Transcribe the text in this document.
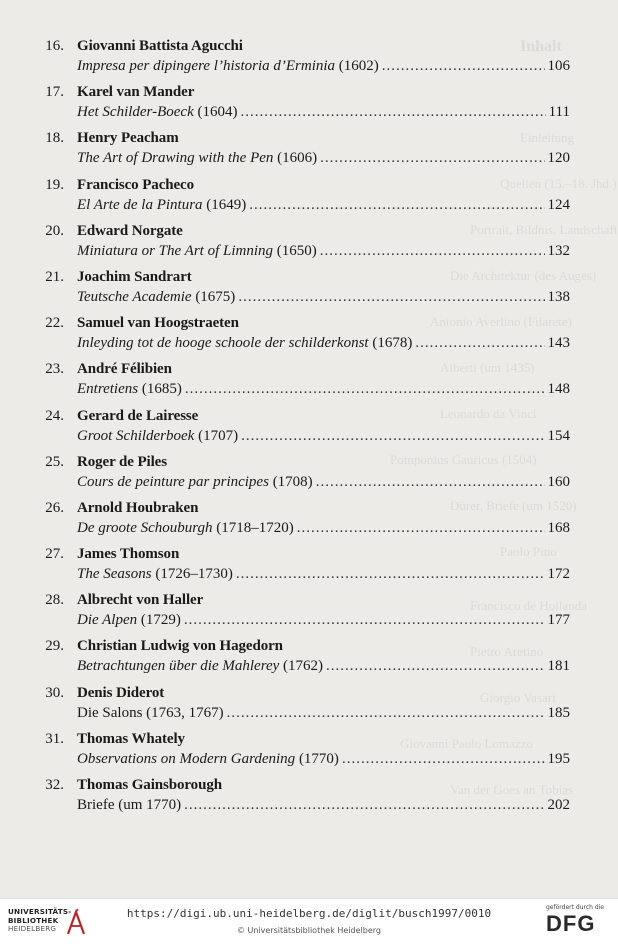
Inhalt
Einleitung
Quellen (15.–18. Jhd.)
Portrait, Bildnis, Landschaft
Die Architektur (des Auges)
Antonio Averlino (Filarete)
Alberti (um 1435)
Leonardo da Vinci
Pomponius Gauricus (1504)
Dürer, Briefe (um 1520)
Paolo Pino
Francisco de Hollanda
Pietro Aretino
Giorgio Vasari
Giovanni Paolo Lomazzo
Van der Goes an Tobias
16. Giovanni Battista Agucchi
Impresa per dipingere l’historia d’Erminia (1602) .....	106
17. Karel van Mander
Het Schilder-Boeck (1604) .....	111
18. Henry Peacham
The Art of Drawing with the Pen (1606) .....	120
19. Francisco Pacheco
El Arte de la Pintura (1649) .....	124
20. Edward Norgate
Miniatura or The Art of Limning (1650) .....	132
21. Joachim Sandrart
Teutsche Academie (1675) .....	138
22. Samuel van Hoogstraeten
Inleyding tot de hooge schoole der schilderkonst (1678) .....	143
23. André Félibien
Entretiens (1685) .....	148
24. Gerard de Lairesse
Groot Schilderboek (1707) .....	154
25. Roger de Piles
Cours de peinture par principes (1708) .....	160
26. Arnold Houbraken
De groote Schouburgh (1718–1720) .....	168
27. James Thomson
The Seasons (1726–1730) .....	172
28. Albrecht von Haller
Die Alpen (1729) .....	177
29. Christian Ludwig von Hagedorn
Betrachtungen über die Mahlerey (1762) .....	181
30. Denis Diderot
Die Salons (1763, 1767) .....	185
31. Thomas Whately
Observations on Modern Gardening (1770) .....	195
32. Thomas Gainsborough
Briefe (um 1770) .....	202
UNIVERSITÄTS-
BIBLIOTHEK
HEIDELBERG
https://digi.ub.uni-heidelberg.de/diglit/busch1997/0010
© Universitätsbibliothek Heidelberg
gefördert durch die
DFG
